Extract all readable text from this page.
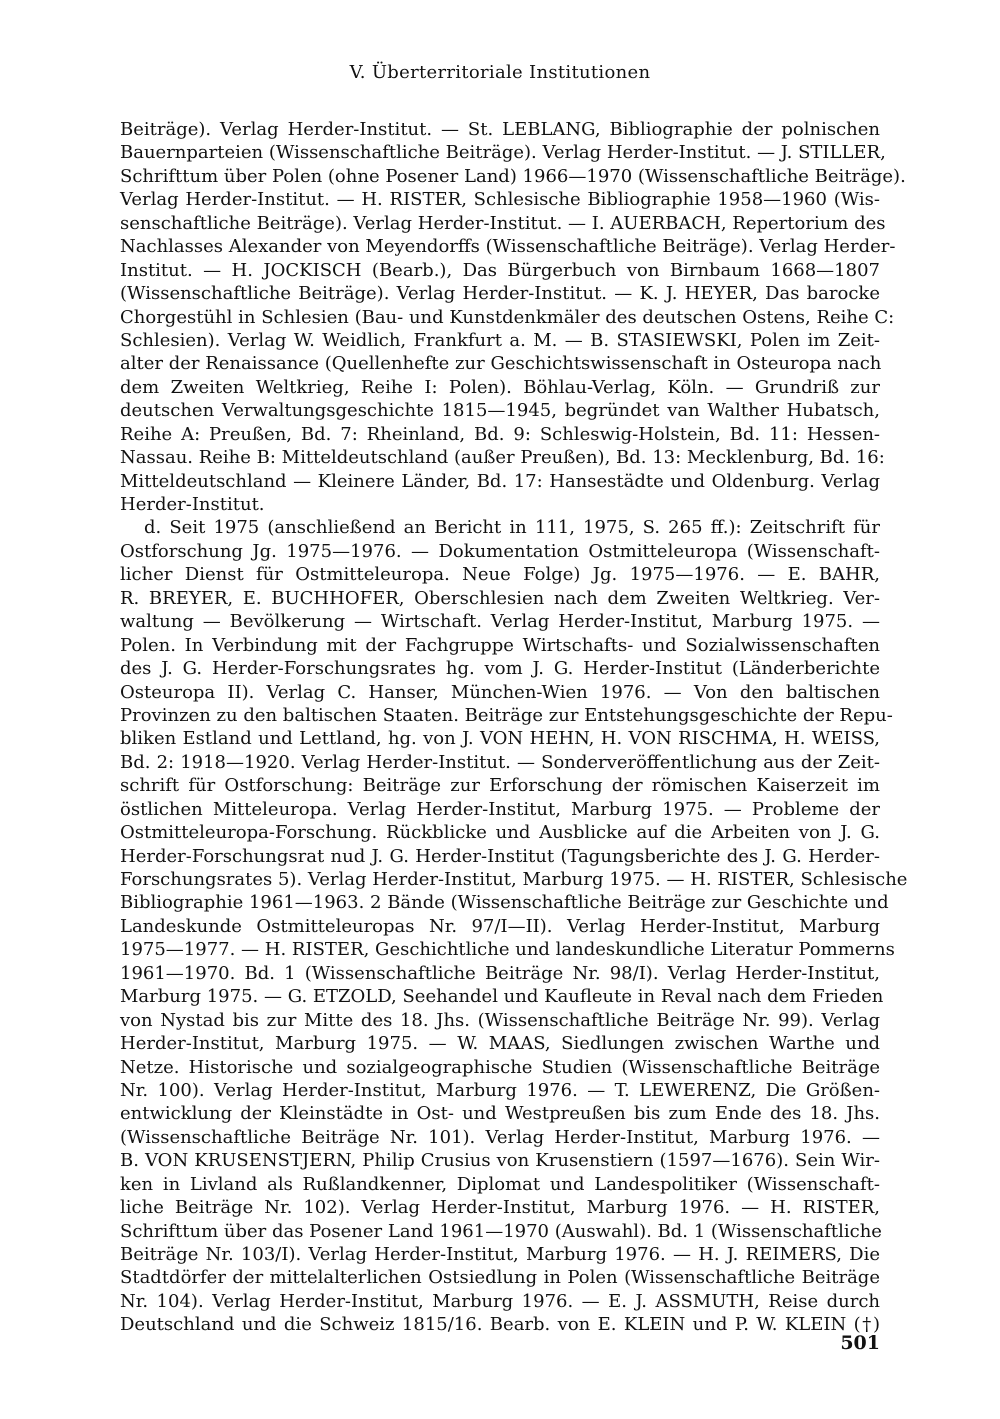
V. Überterritoriale Institutionen
Beiträge). Verlag Herder-Institut. — St. LEBLANG, Bibliographie der polnischen
Bauernparteien (Wissenschaftliche Beiträge). Verlag Herder-Institut. — J. STILLER,
Schrifttum über Polen (ohne Posener Land) 1966—1970 (Wissenschaftliche Beiträge).
Verlag Herder-Institut. — H. RISTER, Schlesische Bibliographie 1958—1960 (Wis-
senschaftliche Beiträge). Verlag Herder-Institut. — I. AUERBACH, Repertorium des
Nachlasses Alexander von Meyendorffs (Wissenschaftliche Beiträge). Verlag Herder-
Institut. — H. JOCKISCH (Bearb.), Das Bürgerbuch von Birnbaum 1668—1807
(Wissenschaftliche Beiträge). Verlag Herder-Institut. — K. J. HEYER, Das barocke
Chorgestühl in Schlesien (Bau- und Kunstdenkmäler des deutschen Ostens, Reihe C:
Schlesien). Verlag W. Weidlich, Frankfurt a. M. — B. STASIEWSKI, Polen im Zeit-
alter der Renaissance (Quellenhefte zur Geschichtswissenschaft in Osteuropa nach
dem Zweiten Weltkrieg, Reihe I: Polen). Böhlau-Verlag, Köln. — Grundriß zur
deutschen Verwaltungsgeschichte 1815—1945, begründet van Walther Hubatsch,
Reihe A: Preußen, Bd. 7: Rheinland, Bd. 9: Schleswig-Holstein, Bd. 11: Hessen-
Nassau. Reihe B: Mitteldeutschland (außer Preußen), Bd. 13: Mecklenburg, Bd. 16:
Mitteldeutschland — Kleinere Länder, Bd. 17: Hansestädte und Oldenburg. Verlag
Herder-Institut.
d. Seit 1975 (anschließend an Bericht in 111, 1975, S. 265 ff.): Zeitschrift für
Ostforschung Jg. 1975—1976. — Dokumentation Ostmitteleuropa (Wissenschaft-
licher Dienst für Ostmitteleuropa. Neue Folge) Jg. 1975—1976. — E. BAHR,
R. BREYER, E. BUCHHOFER, Oberschlesien nach dem Zweiten Weltkrieg. Ver-
waltung — Bevölkerung — Wirtschaft. Verlag Herder-Institut, Marburg 1975. —
Polen. In Verbindung mit der Fachgruppe Wirtschafts- und Sozialwissenschaften
des J. G. Herder-Forschungsrates hg. vom J. G. Herder-Institut (Länderberichte
Osteuropa II). Verlag C. Hanser, München-Wien 1976. — Von den baltischen
Provinzen zu den baltischen Staaten. Beiträge zur Entstehungsgeschichte der Repu-
bliken Estland und Lettland, hg. von J. VON HEHN, H. VON RISCHMA, H. WEISS,
Bd. 2: 1918—1920. Verlag Herder-Institut. — Sonderveröffentlichung aus der Zeit-
schrift für Ostforschung: Beiträge zur Erforschung der römischen Kaiserzeit im
östlichen Mitteleuropa. Verlag Herder-Institut, Marburg 1975. — Probleme der
Ostmitteleuropa-Forschung. Rückblicke und Ausblicke auf die Arbeiten von J. G.
Herder-Forschungsrat nud J. G. Herder-Institut (Tagungsberichte des J. G. Herder-
Forschungsrates 5). Verlag Herder-Institut, Marburg 1975. — H. RISTER, Schlesische
Bibliographie 1961—1963. 2 Bände (Wissenschaftliche Beiträge zur Geschichte und
Landeskunde Ostmitteleuropas Nr. 97/I—II). Verlag Herder-Institut, Marburg
1975—1977. — H. RISTER, Geschichtliche und landeskundliche Literatur Pommerns
1961—1970. Bd. 1 (Wissenschaftliche Beiträge Nr. 98/I). Verlag Herder-Institut,
Marburg 1975. — G. ETZOLD, Seehandel und Kaufleute in Reval nach dem Frieden
von Nystad bis zur Mitte des 18. Jhs. (Wissenschaftliche Beiträge Nr. 99). Verlag
Herder-Institut, Marburg 1975. — W. MAAS, Siedlungen zwischen Warthe und
Netze. Historische und sozialgeographische Studien (Wissenschaftliche Beiträge
Nr. 100). Verlag Herder-Institut, Marburg 1976. — T. LEWERENZ, Die Größen-
entwicklung der Kleinstädte in Ost- und Westpreußen bis zum Ende des 18. Jhs.
(Wissenschaftliche Beiträge Nr. 101). Verlag Herder-Institut, Marburg 1976. —
B. VON KRUSENSTJERN, Philip Crusius von Krusenstiern (1597—1676). Sein Wir-
ken in Livland als Rußlandkenner, Diplomat und Landespolitiker (Wissenschaft-
liche Beiträge Nr. 102). Verlag Herder-Institut, Marburg 1976. — H. RISTER,
Schrifttum über das Posener Land 1961—1970 (Auswahl). Bd. 1 (Wissenschaftliche
Beiträge Nr. 103/I). Verlag Herder-Institut, Marburg 1976. — H. J. REIMERS, Die
Stadtdörfer der mittelalterlichen Ostsiedlung in Polen (Wissenschaftliche Beiträge
Nr. 104). Verlag Herder-Institut, Marburg 1976. — E. J. ASSMUTH, Reise durch
Deutschland und die Schweiz 1815/16. Bearb. von E. KLEIN und P. W. KLEIN (†)
501
